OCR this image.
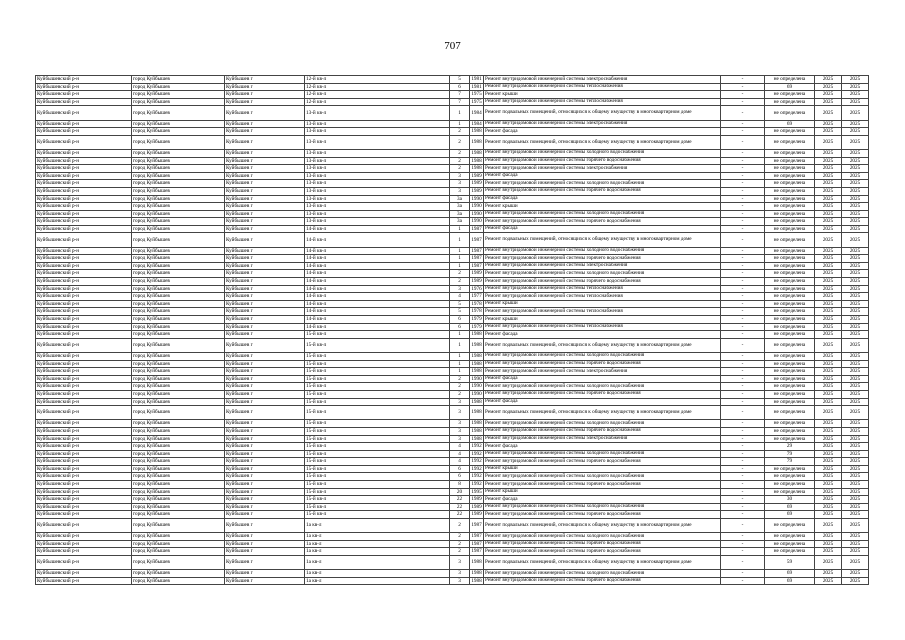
707
Куйбышевский р-н	город Куйбышев	Куйбышев г	12-й кв-л	5	1981	Ремонт внутридомовой инженерной системы электроснабжения	-	не определена	2025	2025
Куйбышевский р-н	город Куйбышев	Куйбышев г	12-й кв-л	6	1981	Ремонт внутридомовой инженерной системы теплоснабжения	-	69	2025	2025
Куйбышевский р-н	город Куйбышев	Куйбышев г	12-й кв-л	7	1975	Ремонт крыши	-	не определена	2025	2025
Куйбышевский р-н	город Куйбышев	Куйбышев г	12-й кв-л	7	1975	Ремонт внутридомовой инженерной системы теплоснабжения	-	не определена	2025	2025
Куйбышевский р-н	город Куйбышев	Куйбышев г	13-й кв-л	1	1984	Ремонт подвальных помещений, относящихся к общему имуществу в многоквартирном доме	-	не определена	2025	2025
Куйбышевский р-н	город Куйбышев	Куйбышев г	13-й кв-л	1	1984	Ремонт внутридомовой инженерной системы электроснабжения	-	69	2025	2025
Куйбышевский р-н	город Куйбышев	Куйбышев г	13-й кв-л	2	1988	Ремонт фасада	-	не определена	2025	2025
Куйбышевский р-н	город Куйбышев	Куйбышев г	13-й кв-л	2	1988	Ремонт подвальных помещений, относящихся к общему имуществу в многоквартирном доме	-	не определена	2025	2025
Куйбышевский р-н	город Куйбышев	Куйбышев г	13-й кв-л	2	1988	Ремонт внутридомовой инженерной системы холодного водоснабжения	-	не определена	2025	2025
Куйбышевский р-н	город Куйбышев	Куйбышев г	13-й кв-л	2	1988	Ремонт внутридомовой инженерной системы горячего водоснабжения	-	не определена	2025	2025
Куйбышевский р-н	город Куйбышев	Куйбышев г	13-й кв-л	2	1988	Ремонт внутридомовой инженерной системы электроснабжения	-	не определена	2025	2025
Куйбышевский р-н	город Куйбышев	Куйбышев г	13-й кв-л	3	1989	Ремонт фасада	-	не определена	2025	2025
Куйбышевский р-н	город Куйбышев	Куйбышев г	13-й кв-л	3	1989	Ремонт внутридомовой инженерной системы холодного водоснабжения	-	не определена	2025	2025
Куйбышевский р-н	город Куйбышев	Куйбышев г	13-й кв-л	3	1989	Ремонт внутридомовой инженерной системы горячего водоснабжения	-	не определена	2025	2025
Куйбышевский р-н	город Куйбышев	Куйбышев г	13-й кв-л	3а	1990	Ремонт фасада	-	не определена	2025	2025
Куйбышевский р-н	город Куйбышев	Куйбышев г	13-й кв-л	3а	1990	Ремонт крыши	-	не определена	2025	2025
Куйбышевский р-н	город Куйбышев	Куйбышев г	13-й кв-л	3а	1990	Ремонт внутридомовой инженерной системы холодного водоснабжения	-	не определена	2025	2025
Куйбышевский р-н	город Куйбышев	Куйбышев г	13-й кв-л	3а	1990	Ремонт внутридомовой инженерной системы горячего водоснабжения	-	не определена	2025	2025
Куйбышевский р-н	город Куйбышев	Куйбышев г	14-й кв-л	1	1987	Ремонт фасада	-	не определена	2025	2025
Куйбышевский р-н	город Куйбышев	Куйбышев г	14-й кв-л	1	1987	Ремонт подвальных помещений, относящихся к общему имуществу в многоквартирном доме	-	не определена	2025	2025
Куйбышевский р-н	город Куйбышев	Куйбышев г	14-й кв-л	1	1987	Ремонт внутридомовой инженерной системы холодного водоснабжения	-	не определена	2025	2025
Куйбышевский р-н	город Куйбышев	Куйбышев г	14-й кв-л	1	1987	Ремонт внутридомовой инженерной системы горячего водоснабжения	-	не определена	2025	2025
Куйбышевский р-н	город Куйбышев	Куйбышев г	14-й кв-л	1	1987	Ремонт внутридомовой инженерной системы электроснабжения	-	не определена	2025	2025
Куйбышевский р-н	город Куйбышев	Куйбышев г	14-й кв-л	2	1989	Ремонт внутридомовой инженерной системы холодного водоснабжения	-	не определена	2025	2025
Куйбышевский р-н	город Куйбышев	Куйбышев г	14-й кв-л	2	1989	Ремонт внутридомовой инженерной системы горячего водоснабжения	-	не определена	2025	2025
Куйбышевский р-н	город Куйбышев	Куйбышев г	14-й кв-л	3	1976	Ремонт внутридомовой инженерной системы теплоснабжения	-	не определена	2025	2025
Куйбышевский р-н	город Куйбышев	Куйбышев г	14-й кв-л	4	1977	Ремонт внутридомовой инженерной системы теплоснабжения	-	не определена	2025	2025
Куйбышевский р-н	город Куйбышев	Куйбышев г	14-й кв-л	5	1978	Ремонт крыши	-	не определена	2025	2025
Куйбышевский р-н	город Куйбышев	Куйбышев г	14-й кв-л	5	1978	Ремонт внутридомовой инженерной системы теплоснабжения	-	не определена	2025	2025
Куйбышевский р-н	город Куйбышев	Куйбышев г	14-й кв-л	6	1979	Ремонт крыши	-	не определена	2025	2025
Куйбышевский р-н	город Куйбышев	Куйбышев г	14-й кв-л	6	1979	Ремонт внутридомовой инженерной системы теплоснабжения	-	не определена	2025	2025
Куйбышевский р-н	город Куйбышев	Куйбышев г	15-й кв-л	1	1988	Ремонт фасада	-	не определена	2025	2025
Куйбышевский р-н	город Куйбышев	Куйбышев г	15-й кв-л	1	1988	Ремонт подвальных помещений, относящихся к общему имуществу в многоквартирном доме	-	не определена	2025	2025
Куйбышевский р-н	город Куйбышев	Куйбышев г	15-й кв-л	1	1988	Ремонт внутридомовой инженерной системы холодного водоснабжения	-	не определена	2025	2025
Куйбышевский р-н	город Куйбышев	Куйбышев г	15-й кв-л	1	1988	Ремонт внутридомовой инженерной системы горячего водоснабжения	-	не определена	2025	2025
Куйбышевский р-н	город Куйбышев	Куйбышев г	15-й кв-л	1	1988	Ремонт внутридомовой инженерной системы электроснабжения	-	не определена	2025	2025
Куйбышевский р-н	город Куйбышев	Куйбышев г	15-й кв-л	2	1990	Ремонт фасада	-	не определена	2025	2025
Куйбышевский р-н	город Куйбышев	Куйбышев г	15-й кв-л	2	1990	Ремонт внутридомовой инженерной системы холодного водоснабжения	-	не определена	2025	2025
Куйбышевский р-н	город Куйбышев	Куйбышев г	15-й кв-л	2	1990	Ремонт внутридомовой инженерной системы горячего водоснабжения	-	не определена	2025	2025
Куйбышевский р-н	город Куйбышев	Куйбышев г	15-й кв-л	3	1988	Ремонт фасада	-	не определена	2025	2025
Куйбышевский р-н	город Куйбышев	Куйбышев г	15-й кв-л	3	1988	Ремонт подвальных помещений, относящихся к общему имуществу в многоквартирном доме	-	не определена	2025	2025
Куйбышевский р-н	город Куйбышев	Куйбышев г	15-й кв-л	3	1988	Ремонт внутридомовой инженерной системы холодного водоснабжения	-	не определена	2025	2025
Куйбышевский р-н	город Куйбышев	Куйбышев г	15-й кв-л	3	1988	Ремонт внутридомовой инженерной системы горячего водоснабжения	-	не определена	2025	2025
Куйбышевский р-н	город Куйбышев	Куйбышев г	15-й кв-л	3	1988	Ремонт внутридомовой инженерной системы электроснабжения	-	не определена	2025	2025
Куйбышевский р-н	город Куйбышев	Куйбышев г	15-й кв-л	4	1992	Ремонт фасада	-	29	2025	2025
Куйбышевский р-н	город Куйбышев	Куйбышев г	15-й кв-л	4	1992	Ремонт внутридомовой инженерной системы холодного водоснабжения	-	79	2025	2025
Куйбышевский р-н	город Куйбышев	Куйбышев г	15-й кв-л	4	1992	Ремонт внутридомовой инженерной системы горячего водоснабжения	-	79	2025	2025
Куйбышевский р-н	город Куйбышев	Куйбышев г	15-й кв-л	6	1992	Ремонт крыши	-	не определена	2025	2025
Куйбышевский р-н	город Куйбышев	Куйбышев г	15-й кв-л	6	1992	Ремонт внутридомовой инженерной системы холодного водоснабжения	-	не определена	2025	2025
Куйбышевский р-н	город Куйбышев	Куйбышев г	15-й кв-л	8	1992	Ремонт внутридомовой инженерной системы горячего водоснабжения	-	не определена	2025	2025
Куйбышевский р-н	город Куйбышев	Куйбышев г	15-й кв-л	20	1995	Ремонт крыши	-	не определена	2025	2025
Куйбышевский р-н	город Куйбышев	Куйбышев г	15-й кв-л	22	1989	Ремонт фасада	-	30	2025	2025
Куйбышевский р-н	город Куйбышев	Куйбышев г	15-й кв-л	22	1989	Ремонт внутридомовой инженерной системы холодного водоснабжения	-	69	2025	2025
Куйбышевский р-н	город Куйбышев	Куйбышев г	15-й кв-л	22	1989	Ремонт внутридомовой инженерной системы горячего водоснабжения	-	69	2025	2025
Куйбышевский р-н	город Куйбышев	Куйбышев г	1а кв-л	2	1987	Ремонт подвальных помещений, относящихся к общему имуществу в многоквартирном доме	-	не определена	2025	2025
Куйбышевский р-н	город Куйбышев	Куйбышев г	1а кв-л	2	1987	Ремонт внутридомовой инженерной системы холодного водоснабжения	-	не определена	2025	2025
Куйбышевский р-н	город Куйбышев	Куйбышев г	1а кв-л	2	1987	Ремонт внутридомовой инженерной системы горячего водоснабжения	-	не определена	2025	2025
Куйбышевский р-н	город Куйбышев	Куйбышев г	1а кв-л	2	1987	Ремонт внутридомовой инженерной системы горячего водоснабжения	-	не определена	2025	2025
Куйбышевский р-н	город Куйбышев	Куйбышев г	1а кв-л	3	1988	Ремонт подвальных помещений, относящихся к общему имуществу в многоквартирном доме	-	59	2025	2025
Куйбышевский р-н	город Куйбышев	Куйбышев г	1а кв-л	3	1988	Ремонт внутридомовой инженерной системы холодного водоснабжения	-	69	2025	2025
Куйбышевский р-н	город Куйбышев	Куйбышев г	1а кв-л	3	1988	Ремонт внутридомовой инженерной системы горячего водоснабжения	-	69	2025	2025
